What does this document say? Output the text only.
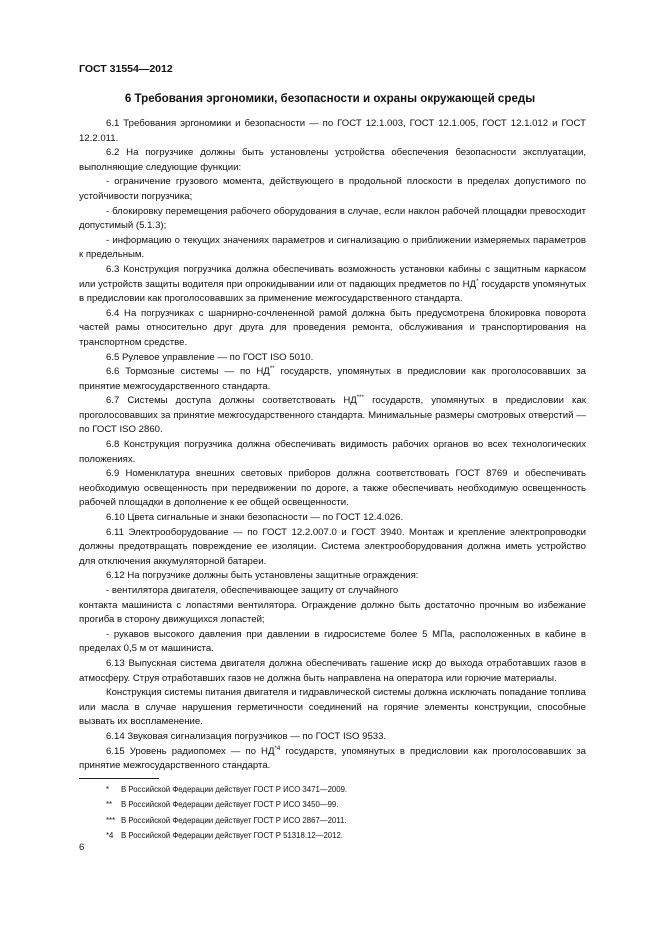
ГОСТ 31554—2012
6 Требования эргономики, безопасности и охраны окружающей среды

6.1 Требования эргономики и безопасности — по ГОСТ 12.1.003, ГОСТ 12.1.005, ГОСТ 12.1.012 и ГОСТ 12.2.011.

6.2 На погрузчике должны быть установлены устройства обеспечения безопасности эксплуатации, выполняющие следующие функции:

- ограничение грузового момента, действующего в продольной плоскости в пределах допустимого по устойчивости погрузчика;

- блокировку перемещения рабочего оборудования в случае, если наклон рабочей площадки превосходит допустимый (5.1.3);

- информацию о текущих значениях параметров и сигнализацию о приближении измеряемых параметров к предельным.

6.3 Конструкция погрузчика должна обеспечивать возможность установки кабины с защитным каркасом или устройств защиты водителя при опрокидывании или от падающих предметов по НД* государств упомянутых в предисловии как проголосовавших за применение межгосударственного стандарта.

6.4 На погрузчиках с шарнирно-сочлененной рамой должна быть предусмотрена блокировка поворота частей рамы относительно друг друга для проведения ремонта, обслуживания и транспортирования на транспортном средстве.

6.5 Рулевое управление — по ГОСТ ISO 5010.

6.6 Тормозные системы — по НД** государств, упомянутых в предисловии как проголосовавших за принятие межгосударственного стандарта.

6.7 Системы доступа должны соответствовать НД*** государств, упомянутых в предисловии как проголосовавших за принятие межгосударственного стандарта. Минимальные размеры смотровых отверстий — по ГОСТ ISO 2860.

6.8 Конструкция погрузчика должна обеспечивать видимость рабочих органов во всех технологических положениях.

6.9 Номенклатура внешних световых приборов должна соответствовать ГОСТ 8769 и обеспечивать необходимую освещенность при передвижении по дороге, а также обеспечивать необходимую освещенность рабочей площадки в дополнение к ее общей освещенности.

6.10 Цвета сигнальные и знаки безопасности — по ГОСТ 12.4.026.

6.11 Электрооборудование — по ГОСТ 12.2.007.0 и ГОСТ 3940. Монтаж и крепление электропроводки должны предотвращать повреждение ее изоляции. Система электрооборудования должна иметь устройство для отключения аккумуляторной батареи.

6.12 На погрузчике должны быть установлены защитные ограждения:

- вентилятора двигателя, обеспечивающее защиту от случайного

контакта машиниста с лопастями вентилятора. Ограждение должно быть достаточно прочным во избежание прогиба в сторону движущихся лопастей;

- рукавов высокого давления при давлении в гидросистеме более 5 МПа, расположенных в кабине в пределах 0,5 м от машиниста.

6.13 Выпускная система двигателя должна обеспечивать гашение искр до выхода отработавших газов в атмосферу. Струя отработавших газов не должна быть направлена на оператора или горючие материалы.

Конструкция системы питания двигателя и гидравлической системы должна исключать попадание топлива или масла в случае нарушения герметичности соединений на горячие элементы конструкции, способные вызвать их воспламенение.

6.14 Звуковая сигнализация погрузчиков — по ГОСТ ISO 9533.

6.15 Уровень радиопомех — по НД$^{*4}$ государств, упомянутых в предисловии как проголосовавших за принятие межгосударственного стандарта.

* В Российской Федерации действует ГОСТ Р ИСО 3471—2009.
** В Российской Федерации действует ГОСТ Р ИСО 3450—99.
*** В Российской Федерации действует ГОСТ Р ИСО 2867—2011.
*4 В Российской Федерации действует ГОСТ Р 51318.12—2012.
6
